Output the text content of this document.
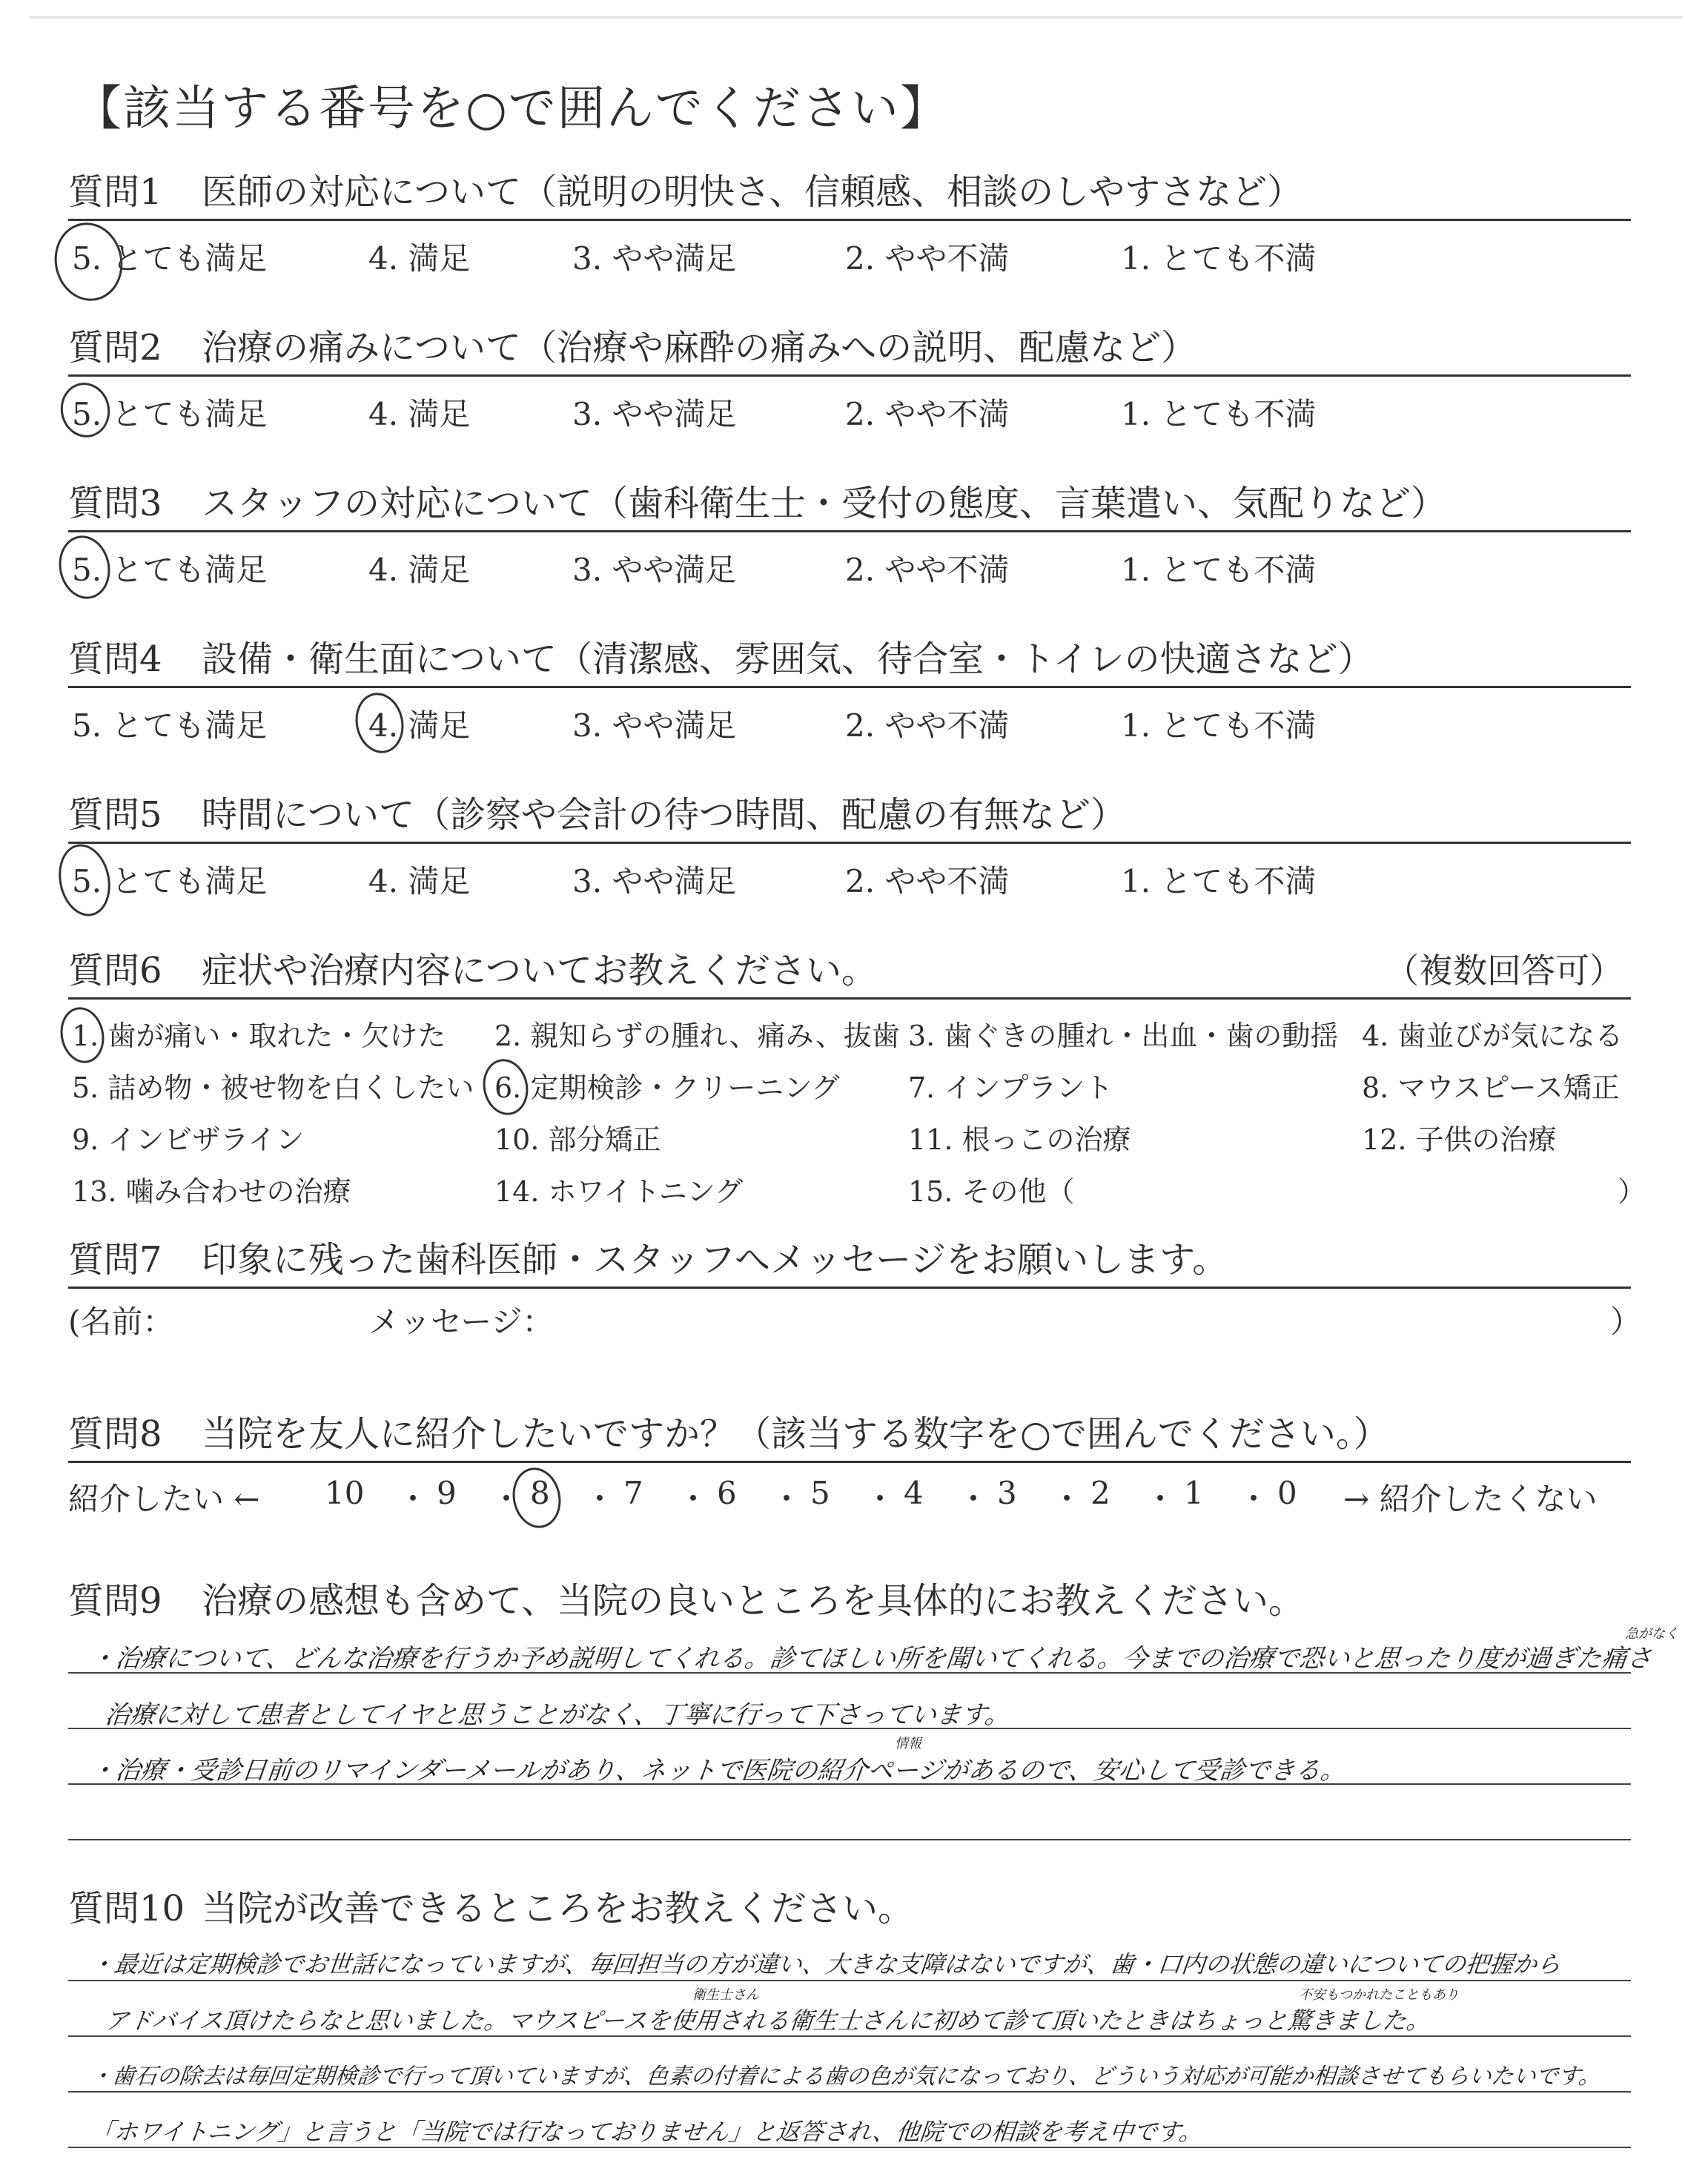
【該当する番号を○で囲んでください】
質問1 医師の対応について（説明の明快さ、信頼感、相談のしやすさなど）
5. とても満足	4. 満足	3. やや満足	2. やや不満	1. とても不満
質問2 治療の痛みについて（治療や麻酔の痛みへの説明、配慮など）
5. とても満足	4. 満足	3. やや満足	2. やや不満	1. とても不満
質問3 スタッフの対応について（歯科衛生士・受付の態度、言葉遣い、気配りなど）
5. とても満足	4. 満足	3. やや満足	2. やや不満	1. とても不満
質問4 設備・衛生面について（清潔感、雰囲気、待合室・トイレの快適さなど）
5. とても満足	4. 満足	3. やや満足	2. やや不満	1. とても不満
質問5 時間について（診察や会計の待つ時間、配慮の有無など）
5. とても満足	4. 満足	3. やや満足	2. やや不満	1. とても不満
質問6 症状や治療内容についてお教えください。	（複数回答可）
1. 歯が痛い・取れた・欠けた 2. 親知らずの腫れ、痛み、抜歯 3. 歯ぐきの腫れ・出血・歯の動揺 4. 歯並びが気になる
5. 詰め物・被せ物を白くしたい 6. 定期検診・クリーニング 7. インプラント	8. マウスピース矯正
9. インビザライン	10. 部分矯正	11. 根っこの治療	12. 子供の治療
13. 噛み合わせの治療	14. ホワイトニング	15. その他（	）
質問7 印象に残った歯科医師・スタッフへメッセージをお願いします。
(名前：	メッセージ：	）
質問8 当院を友人に紹介したいですか？（該当する数字を○で囲んでください。）
紹介したい ← 10 ・ 9 ・ 8 ・ 7 ・ 6 ・ 5 ・ 4 ・ 3 ・ 2 ・ 1 ・ 0 → 紹介したくない
質問9 治療の感想も含めて、当院の良いところを具体的にお教えください。
・治療について、どんな治療を行うか予め説明してくれる。診てほしい所を聞いてくれる。今までの治療で恐いと思ったり度が過ぎた痛さ
急がなく
治療に対して患者としてイヤと思うことがなく、丁寧に行って下さっています。
・治療・受診日前のリマインダーメールがあり、ネットで医院の紹介ページがあるので、安心して受診できる。
情報
質問10 当院が改善できるところをお教えください。
・最近は定期検診でお世話になっていますが、毎回担当の方が違い、大きな支障はないですが、歯・口内の状態の違いについての把握から
アドバイス頂けたらなと思いました。マウスピースを使用される衛生士さんに初めて診て頂いたときはちょっと驚きました。
衛生士さん	不安もつかれたこともあり
・歯石の除去は毎回定期検診で行って頂いていますが、色素の付着による歯の色が気になっており、どういう対応が可能か相談させてもらいたいです。
「ホワイトニング」と言うと「当院では行なっておりません」と返答され、他院での相談を考え中です。
